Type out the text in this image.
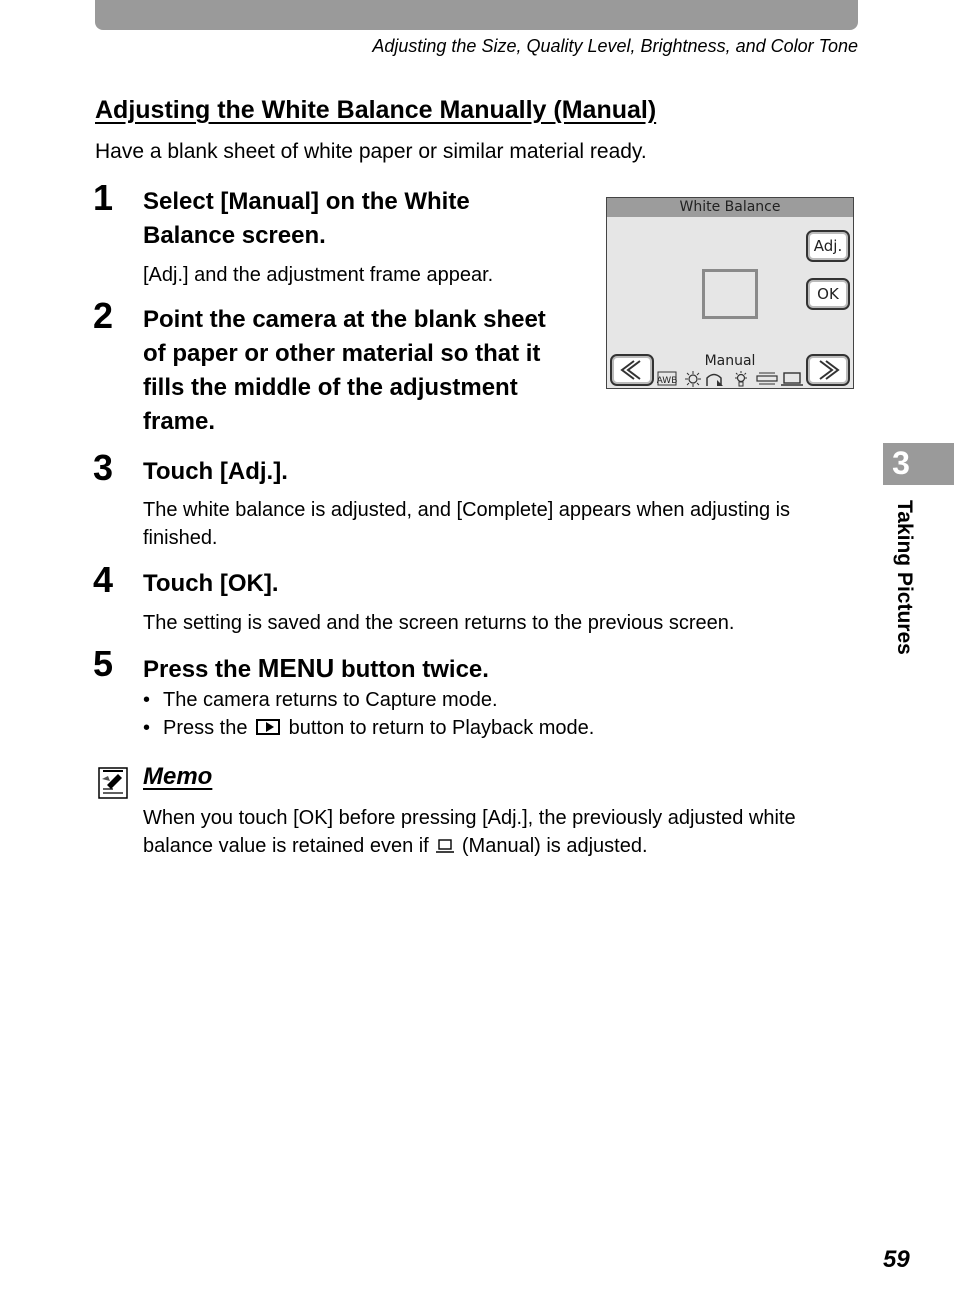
Adjusting the Size, Quality Level, Brightness, and Color Tone
Adjusting the White Balance Manually (Manual)
Have a blank sheet of white paper or similar material ready.
1 Select [Manual] on the White
Balance screen.
[Adj.] and the adjustment frame appear.
2 Point the camera at the blank sheet
of paper or other material so that it
fills the middle of the adjustment
frame.
White Balance
Adj.
OK
Manual
AWB
3 Touch [Adj.].
The white balance is adjusted, and [Complete] appears when adjusting is
finished.
4 Touch [OK].
The setting is saved and the screen returns to the previous screen.
5 Press the MENU button twice.
• The camera returns to Capture mode.
• Press the button to return to Playback mode.
3
Taking Pictures
Memo
When you touch [OK] before pressing [Adj.], the previously adjusted white balance value is retained even if (Manual) is adjusted.
59
